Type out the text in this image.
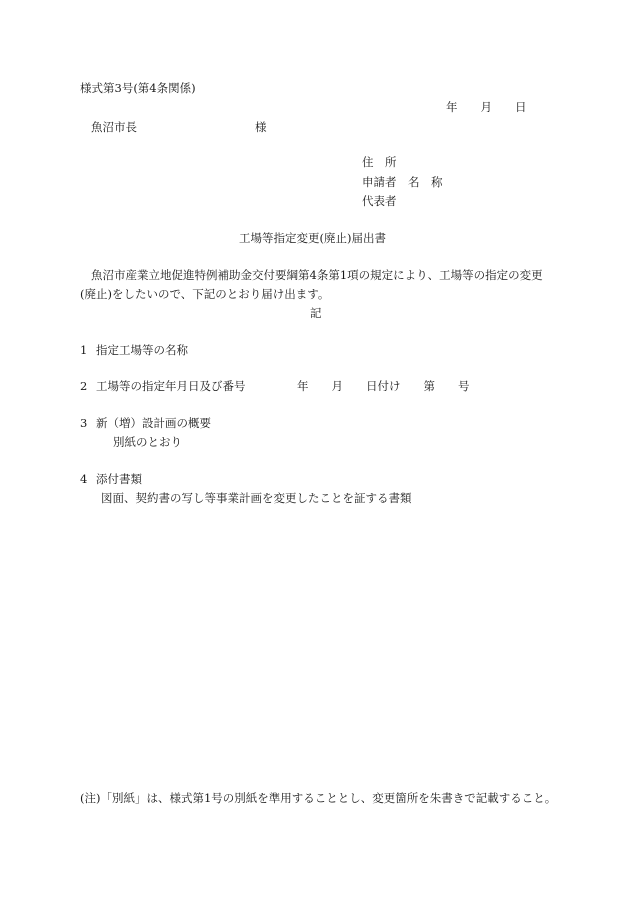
様式第3号(第4条関係)
年　　月　　日
魚沼市長	様
住　所
申請者　名　称
代表者
工場等指定変更(廃止)届出書
魚沼市産業立地促進特例補助金交付要綱第4条第1項の規定により、工場等の指定の変更
(廃止)をしたいので、下記のとおり届け出ます。
記
1 指定工場等の名称
2 工場等の指定年月日及び番号	年　　月　　日付け　　第　　号
3 新（増）設計画の概要
別紙のとおり
4 添付書類
図面、契約書の写し等事業計画を変更したことを証する書類
(注)「別紙」は、様式第1号の別紙を準用することとし、変更箇所を朱書きで記載すること。
